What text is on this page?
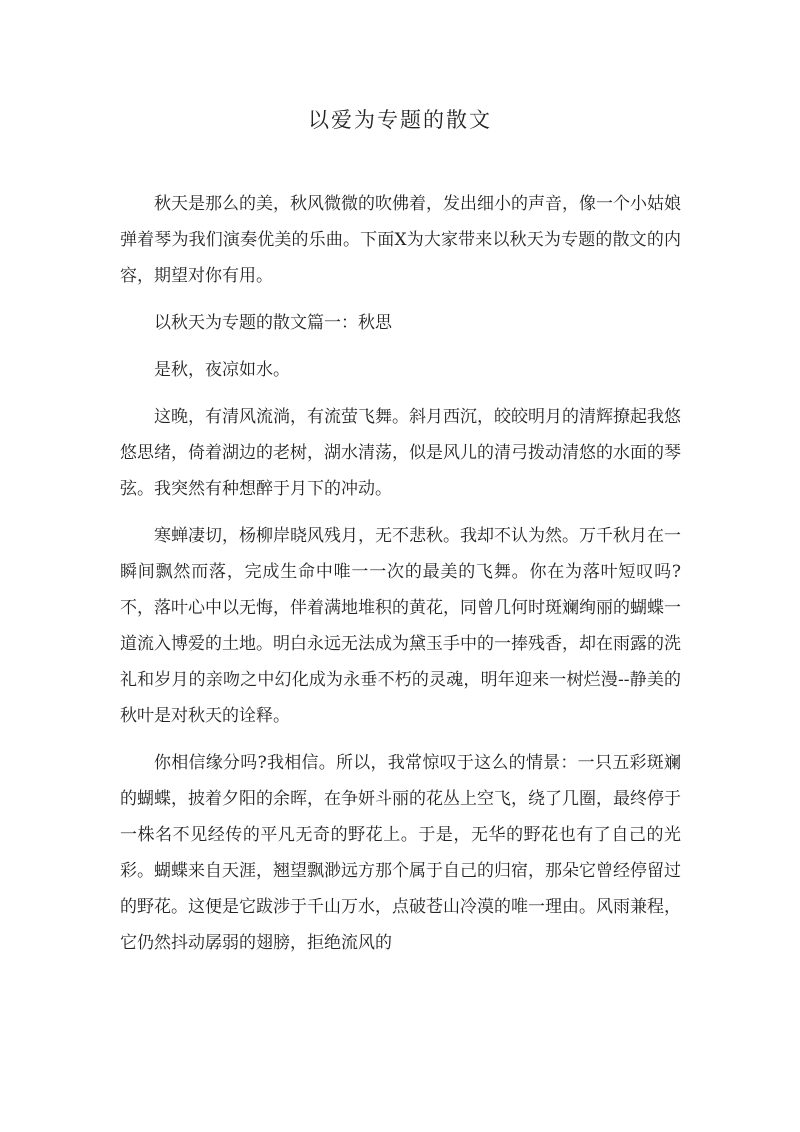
以爱为专题的散文

秋天是那么的美，秋风微微的吹佛着，发出细小的声音，像一个小姑娘弹着琴为我们演奏优美的乐曲。下面X为大家带来以秋天为专题的散文的内容，期望对你有用。

以秋天为专题的散文篇一：秋思

是秋，夜凉如水。

这晚，有清风流淌，有流萤飞舞。斜月西沉，皎皎明月的清辉撩起我悠悠思绪，倚着湖边的老树，湖水清荡，似是风儿的清弓拨动清悠的水面的琴弦。我突然有种想醉于月下的冲动。

寒蝉凄切，杨柳岸晓风残月，无不悲秋。我却不认为然。万千秋月在一瞬间飘然而落，完成生命中唯一一次的最美的飞舞。你在为落叶短叹吗?不，落叶心中以无悔，伴着满地堆积的黄花，同曾几何时斑斓绚丽的蝴蝶一道流入博爱的土地。明白永远无法成为黛玉手中的一捧残香，却在雨露的洗礼和岁月的亲吻之中幻化成为永垂不朽的灵魂，明年迎来一树烂漫--静美的秋叶是对秋天的诠释。

你相信缘分吗?我相信。所以，我常惊叹于这么的情景：一只五彩斑斓的蝴蝶，披着夕阳的余晖，在争妍斗丽的花丛上空飞，绕了几圈，最终停于一株名不见经传的平凡无奇的野花上。于是，无华的野花也有了自己的光彩。蝴蝶来自天涯，翘望飘渺远方那个属于自己的归宿，那朵它曾经停留过的野花。这便是它跋涉于千山万水，点破苍山冷漠的唯一理由。风雨兼程，它仍然抖动孱弱的翅膀，拒绝流风的
